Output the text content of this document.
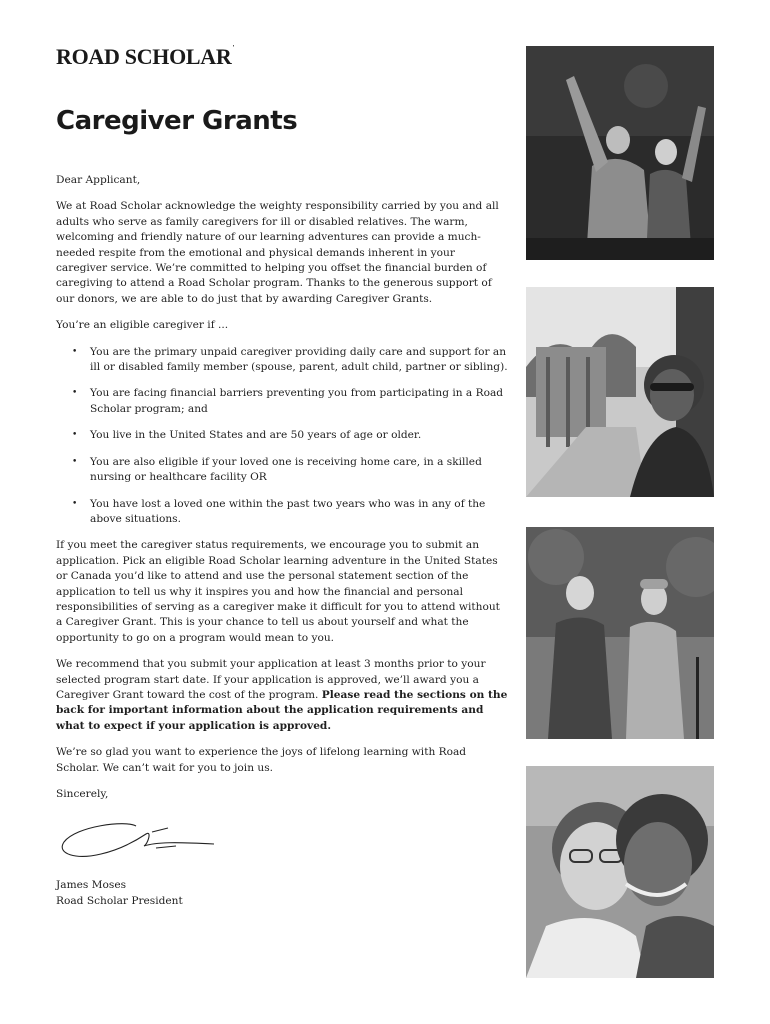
ROAD SCHOLAR'
Caregiver Grants

Dear Applicant,

We at Road Scholar acknowledge the weighty responsibility carried by you and all adults who serve as family caregivers for ill or disabled relatives. The warm, welcoming and friendly nature of our learning adventures can provide a much-needed respite from the emotional and physical demands inherent in your caregiver service. We’re committed to helping you offset the financial burden of caregiving to attend a Road Scholar program. Thanks to the generous support of our donors, we are able to do just that by awarding Caregiver Grants.

You’re an eligible caregiver if ...

• You are the primary unpaid caregiver providing daily care and support for an ill or disabled family member (spouse, parent, adult child, partner or sibling).
• You are facing financial barriers preventing you from participating in a Road Scholar program; and
• You live in the United States and are 50 years of age or older.
• You are also eligible if your loved one is receiving home care, in a skilled nursing or healthcare facility OR
• You have lost a loved one within the past two years who was in any of the above situations.

If you meet the caregiver status requirements, we encourage you to submit an application. Pick an eligible Road Scholar learning adventure in the United States or Canada you’d like to attend and use the personal statement section of the application to tell us why it inspires you and how the financial and personal responsibilities of serving as a caregiver make it difficult for you to attend without a Caregiver Grant. This is your chance to tell us about yourself and what the opportunity to go on a program would mean to you.

We recommend that you submit your application at least 3 months prior to your selected program start date. If your application is approved, we’ll award you a Caregiver Grant toward the cost of the program. Please read the sections on the back for important information about the application requirements and what to expect if your application is approved.

We’re so glad you want to experience the joys of lifelong learning with Road Scholar. We can’t wait for you to join us.

Sincerely,

James Moses

Road Scholar President
